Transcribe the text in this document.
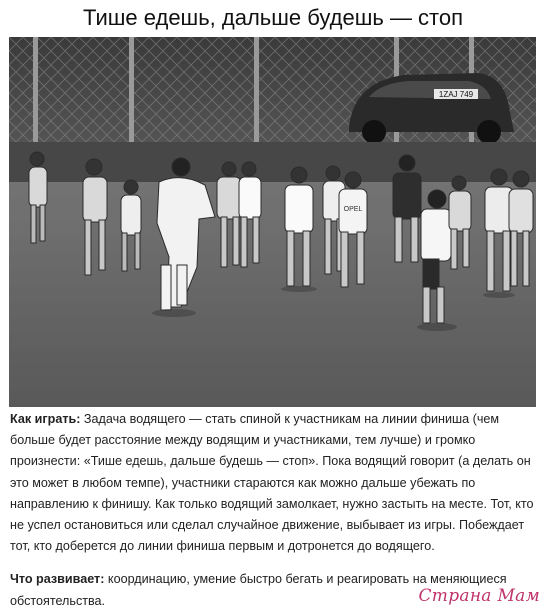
Тише едешь, дальше будешь — стоп
1ZAJ 749
OPEL

Как играть: Задача водящего — стать спиной к участникам на линии финиша (чем больше будет расстояние между водящим и участниками, тем лучше) и громко произнести: «Тише едешь, дальше будешь — стоп». Пока водящий говорит (а делать он это может в любом темпе), участники стараются как можно дальше убежать по направлению к финишу. Как только водящий замолкает, нужно застыть на месте. Тот, кто не успел остановиться или сделал случайное движение, выбывает из игры. Побеждает тот, кто доберется до линии финиша первым и дотронется до водящего.

Что развивает: координацию, умение быстро бегать и реагировать на меняющиеся обстоятельства.	Страна Мам
